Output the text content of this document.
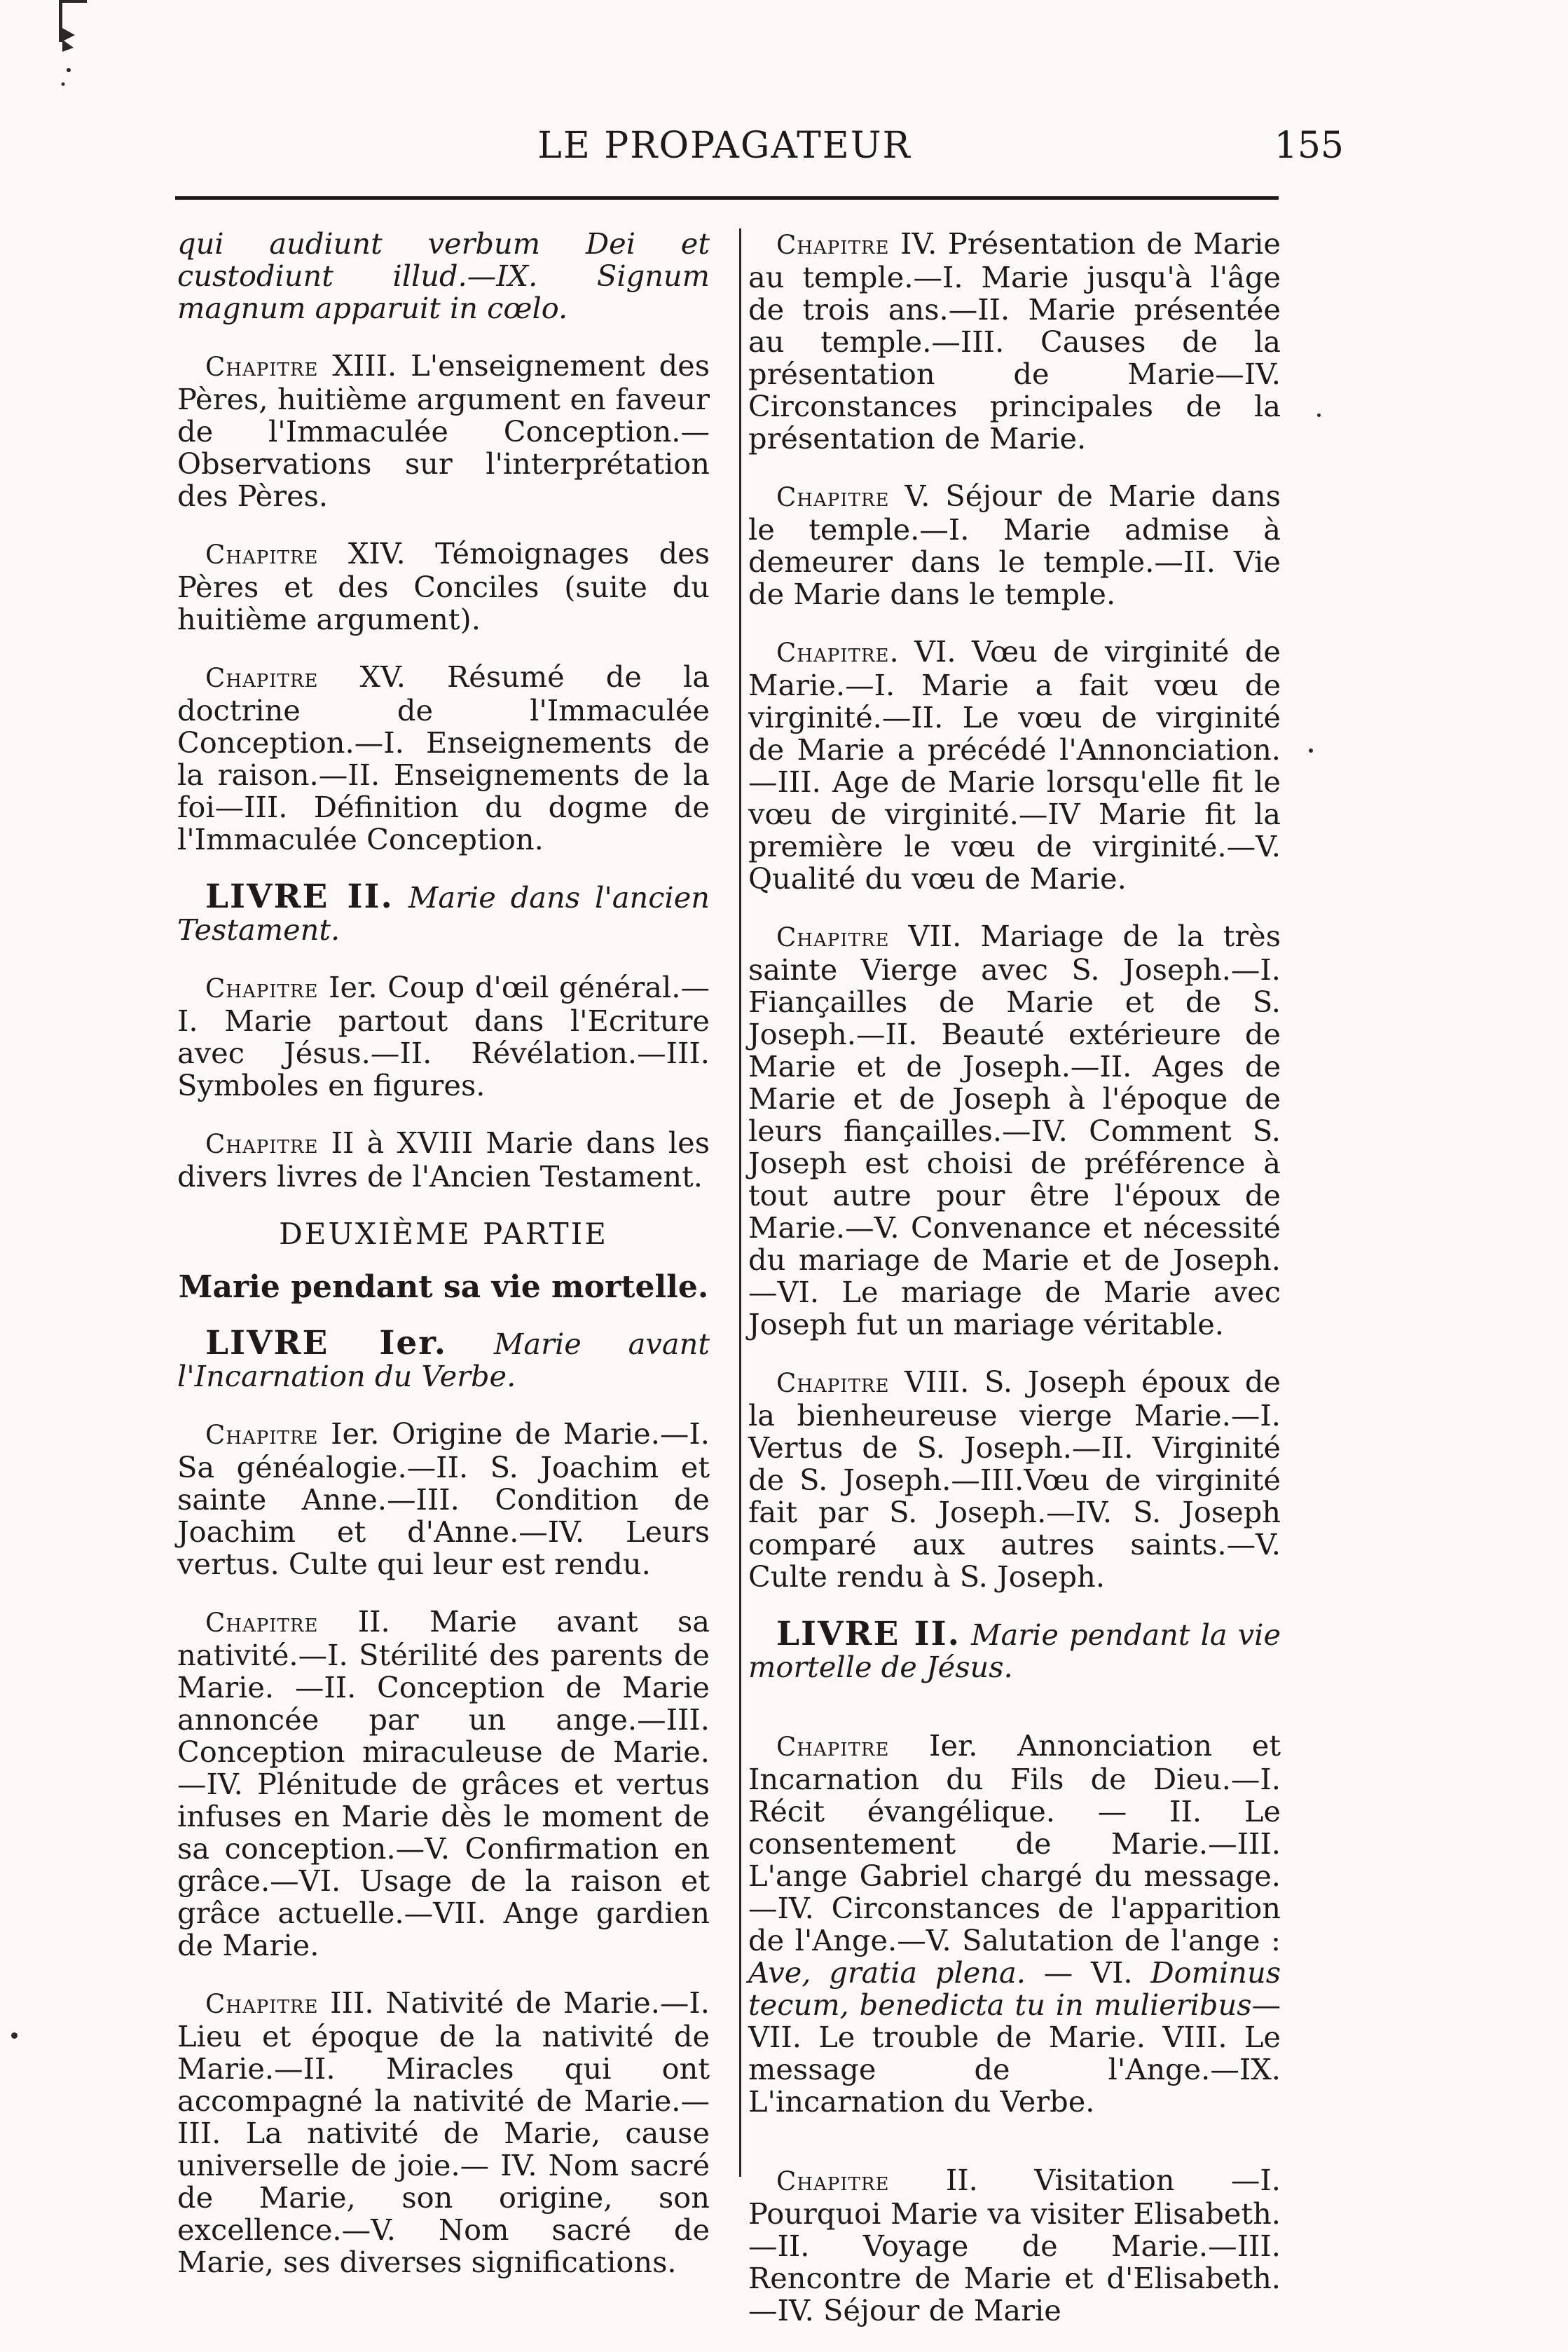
LE PROPAGATEUR	155

qui audiunt verbum Dei et custodiunt illud.—IX. Signum magnum apparuit in cœlo.

Chapitre XIII. L'enseignement des Pères, huitième argument en faveur de l'Immaculée Conception.— Observations sur l'interprétation des Pères.

Chapitre XIV. Témoignages des Pères et des Conciles (suite du huitième argument).

Chapitre XV. Résumé de la doctrine de l'Immaculée Conception.—I. Enseignements de la raison.—II. Enseignements de la foi—III. Définition du dogme de l'Immaculée Conception.

LIVRE II. Marie dans l'ancien Testament.

Chapitre Ier. Coup d'œil général.— I. Marie partout dans l'Ecriture avec Jésus.—II. Révélation.—III. Symboles en figures.

Chapitre II à XVIII Marie dans les divers livres de l'Ancien Testament.

DEUXIÈME PARTIE
Marie pendant sa vie mortelle.

LIVRE Ier. Marie avant l'Incarnation du Verbe.

Chapitre Ier. Origine de Marie.—I. Sa généalogie.—II. S. Joachim et sainte Anne.—III. Condition de Joachim et d'Anne.—IV. Leurs vertus. Culte qui leur est rendu.

Chapitre II. Marie avant sa nativité.—I. Stérilité des parents de Marie. —II. Conception de Marie annoncée par un ange.—III. Conception miraculeuse de Marie.—IV. Plénitude de grâces et vertus infuses en Marie dès le moment de sa conception.—V. Confirmation en grâce.—VI. Usage de la raison et grâce actuelle.—VII. Ange gardien de Marie.

Chapitre III. Nativité de Marie.—I. Lieu et époque de la nativité de Marie.—II. Miracles qui ont accompagné la nativité de Marie.—III. La nativité de Marie, cause universelle de joie.— IV. Nom sacré de Marie, son origine, son excellence.—V. Nom sacré de Marie, ses diverses significations.

Chapitre IV. Présentation de Marie au temple.—I. Marie jusqu'à l'âge de trois ans.—II. Marie présentée au temple.—III. Causes de la présentation de Marie—IV. Circonstances principales de la présentation de Marie.

Chapitre V. Séjour de Marie dans le temple.—I. Marie admise à demeurer dans le temple.—II. Vie de Marie dans le temple.

Chapitre. VI. Vœu de virginité de Marie.—I. Marie a fait vœu de virginité.—II. Le vœu de virginité de Marie a précédé l'Annonciation.—III. Age de Marie lorsqu'elle fit le vœu de virginité.—IV Marie fit la première le vœu de virginité.—V. Qualité du vœu de Marie.

Chapitre VII. Mariage de la très sainte Vierge avec S. Joseph.—I. Fiançailles de Marie et de S. Joseph.—II. Beauté extérieure de Marie et de Joseph.—II. Ages de Marie et de Joseph à l'époque de leurs fiançailles.—IV. Comment S. Joseph est choisi de préférence à tout autre pour être l'époux de Marie.—V. Convenance et nécessité du mariage de Marie et de Joseph. —VI. Le mariage de Marie avec Joseph fut un mariage véritable.

Chapitre VIII. S. Joseph époux de la bienheureuse vierge Marie.—I. Vertus de S. Joseph.—II. Virginité de S. Joseph.—III.Vœu de virginité fait par S. Joseph.—IV. S. Joseph comparé aux autres saints.—V. Culte rendu à S. Joseph.

LIVRE II. Marie pendant la vie mortelle de Jésus.

Chapitre Ier. Annonciation et Incarnation du Fils de Dieu.—I. Récit évangélique. — II. Le consentement de Marie.—III. L'ange Gabriel chargé du message.—IV. Circonstances de l'apparition de l'Ange.—V. Salutation de l'ange : Ave, gratia plena. — VI. Dominus tecum, benedicta tu in mulieribus—VII. Le trouble de Marie. VIII. Le message de l'Ange.—IX. L'incarnation du Verbe.

Chapitre II. Visitation —I. Pourquoi Marie va visiter Elisabeth.—II. Voyage de Marie.—III. Rencontre de Marie et d'Elisabeth.—IV. Séjour de Marie
